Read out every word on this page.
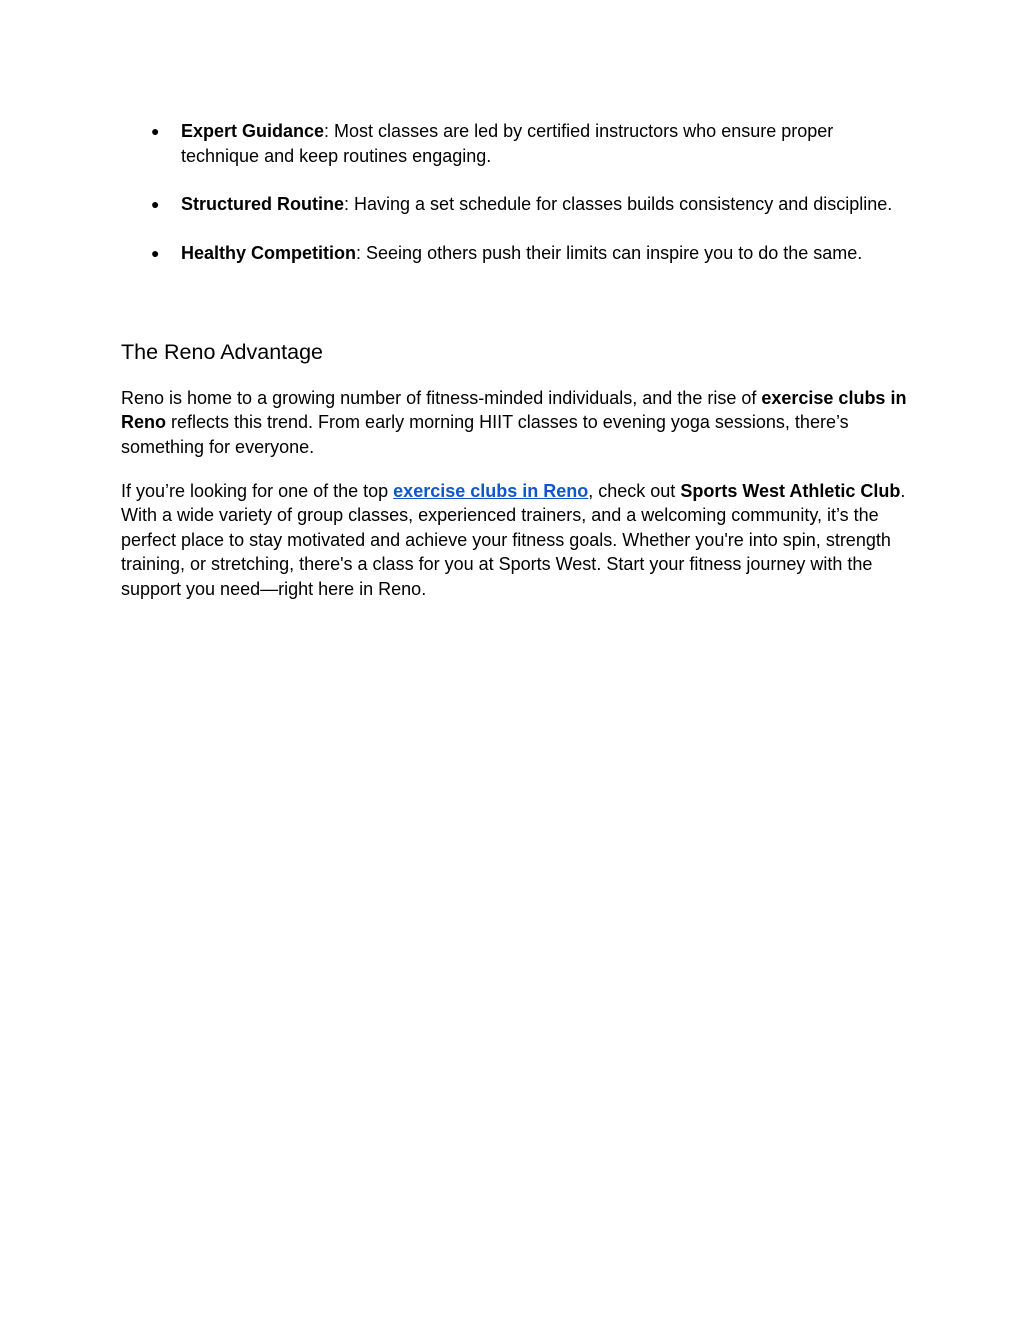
● Expert Guidance: Most classes are led by certified instructors who ensure proper technique and keep routines engaging.
● Structured Routine: Having a set schedule for classes builds consistency and discipline.
● Healthy Competition: Seeing others push their limits can inspire you to do the same.
The Reno Advantage

Reno is home to a growing number of fitness-minded individuals, and the rise of exercise clubs in Reno reflects this trend. From early morning HIIT classes to evening yoga sessions, there’s something for everyone.

If you’re looking for one of the top exercise clubs in Reno, check out Sports West Athletic Club. With a wide variety of group classes, experienced trainers, and a welcoming community, it’s the perfect place to stay motivated and achieve your fitness goals. Whether you're into spin, strength training, or stretching, there's a class for you at Sports West. Start your fitness journey with the support you need—right here in Reno.
